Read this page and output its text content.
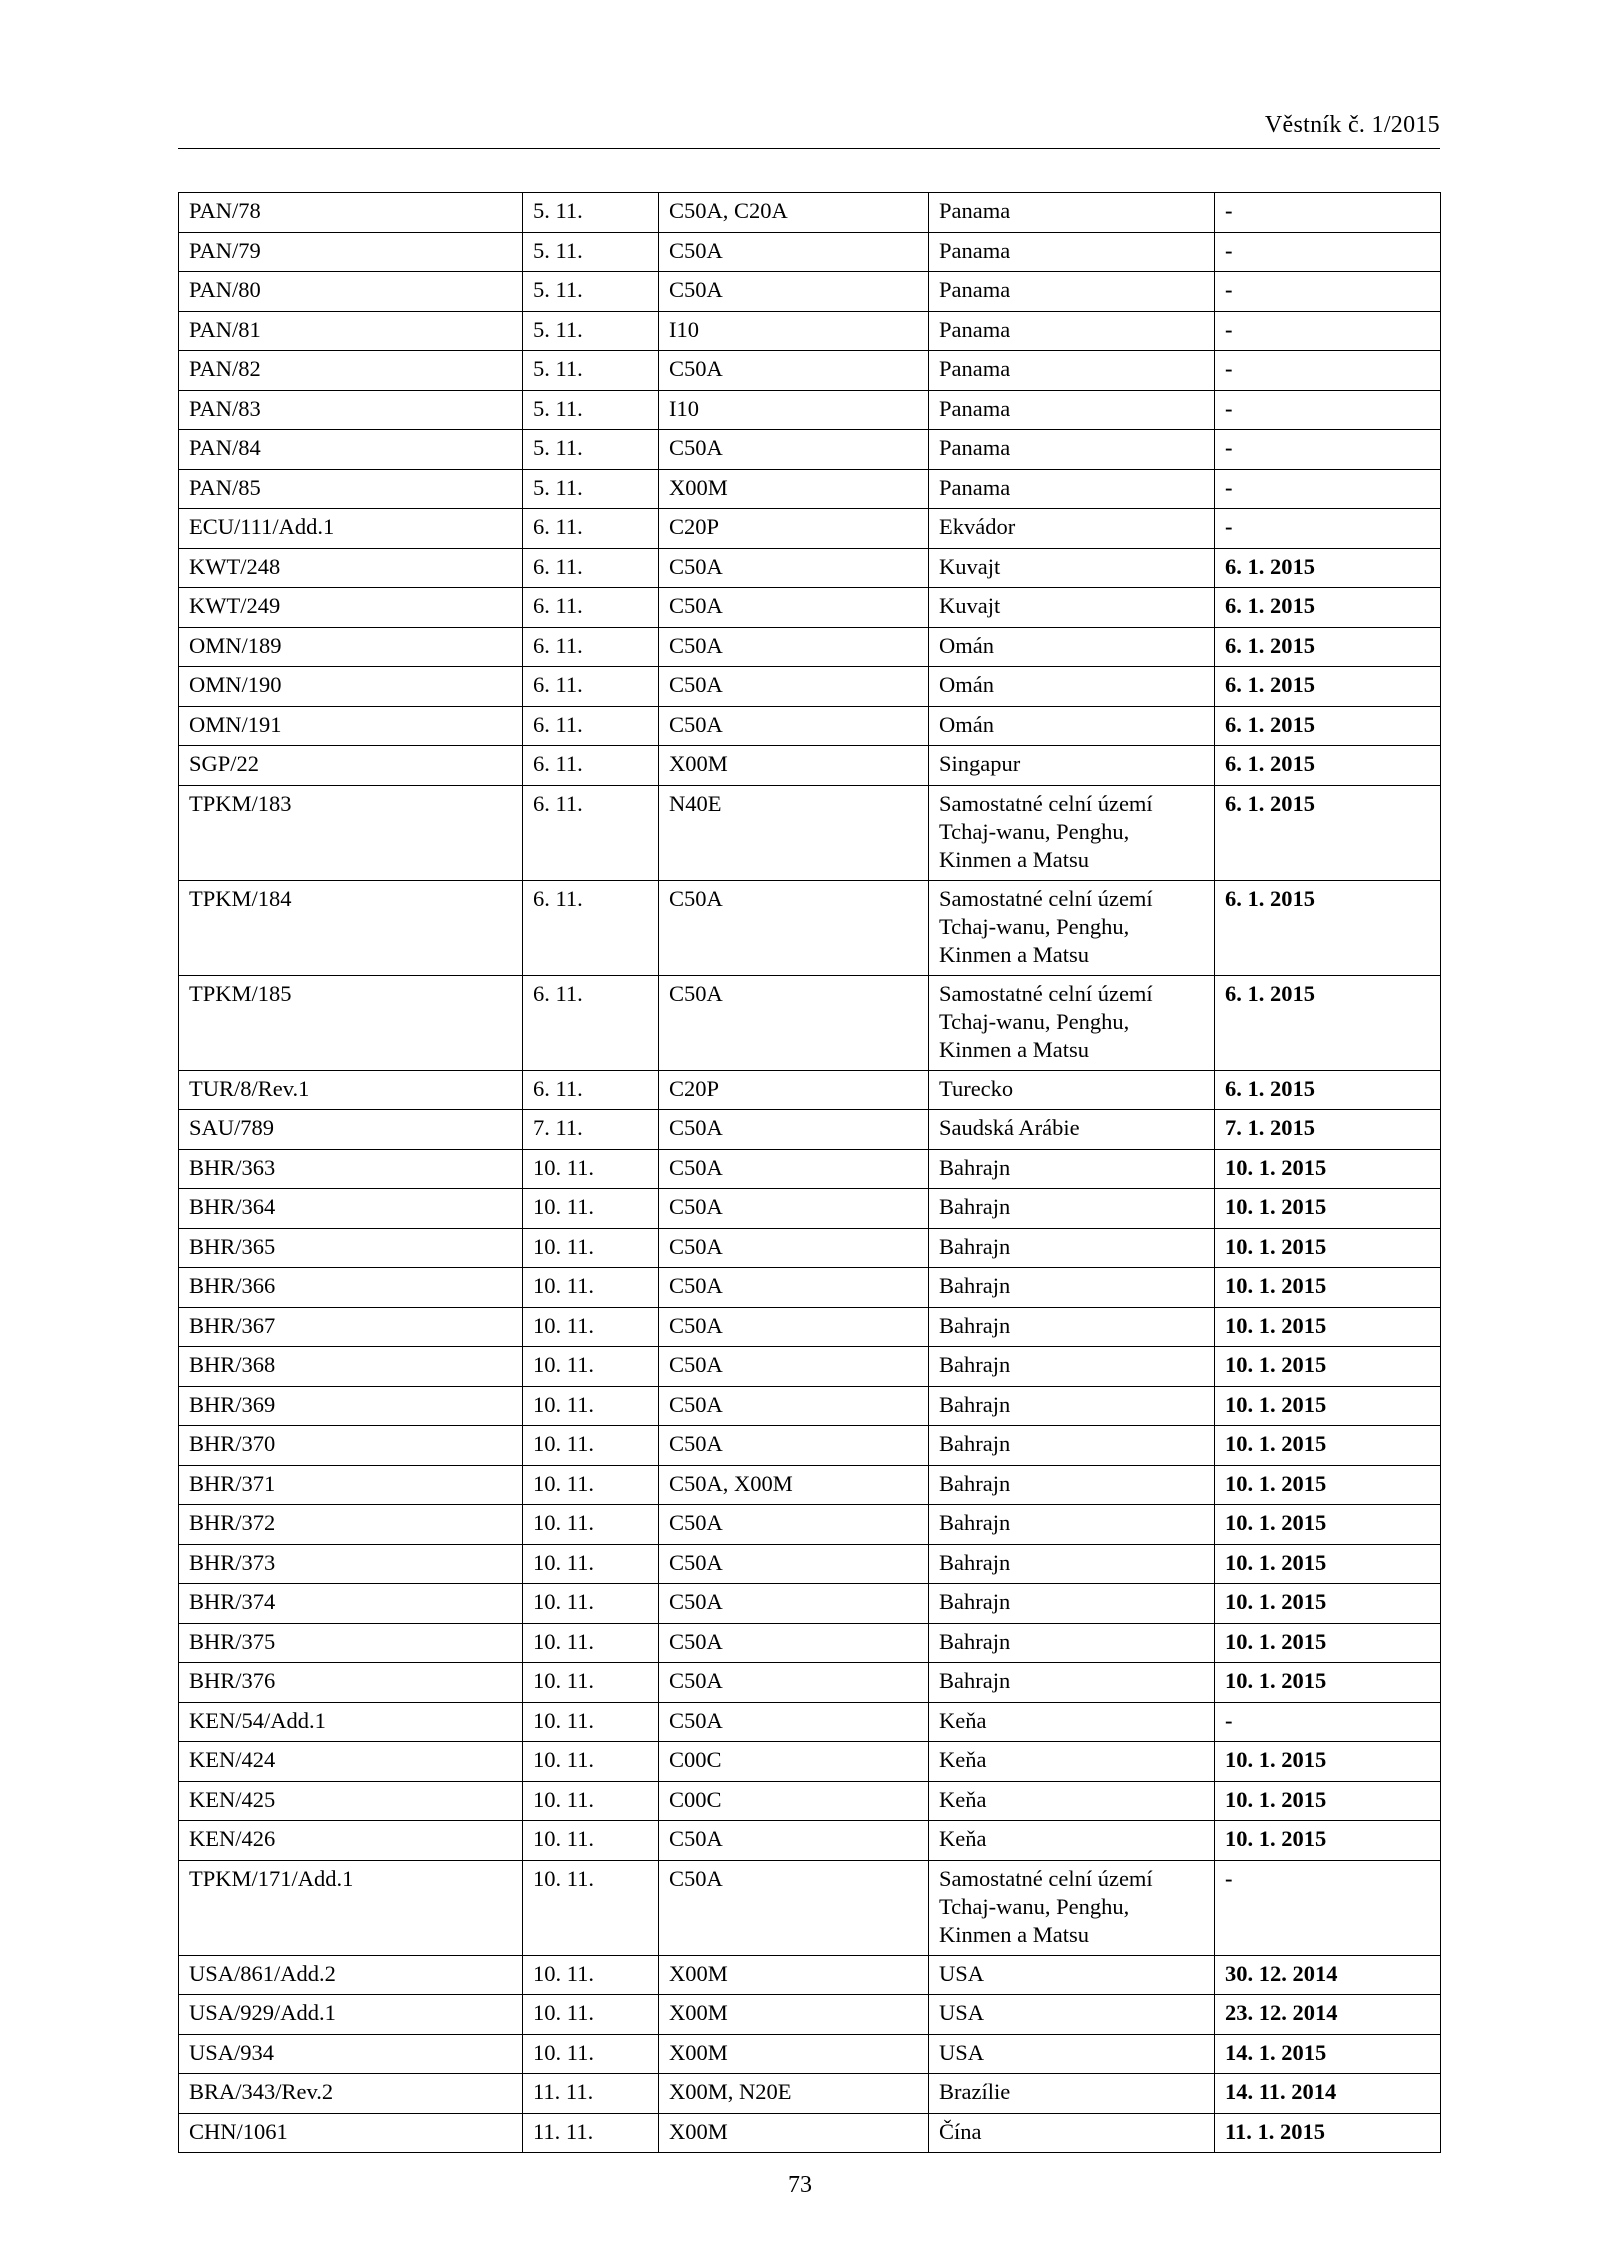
Věstník č. 1/2015
PAN/78	5. 11.	C50A, C20A	Panama	-
PAN/79	5. 11.	C50A	Panama	-
PAN/80	5. 11.	C50A	Panama	-
PAN/81	5. 11.	I10	Panama	-
PAN/82	5. 11.	C50A	Panama	-
PAN/83	5. 11.	I10	Panama	-
PAN/84	5. 11.	C50A	Panama	-
PAN/85	5. 11.	X00M	Panama	-
ECU/111/Add.1	6. 11.	C20P	Ekvádor	-
KWT/248	6. 11.	C50A	Kuvajt	6. 1. 2015
KWT/249	6. 11.	C50A	Kuvajt	6. 1. 2015
OMN/189	6. 11.	C50A	Omán	6. 1. 2015
OMN/190	6. 11.	C50A	Omán	6. 1. 2015
OMN/191	6. 11.	C50A	Omán	6. 1. 2015
SGP/22	6. 11.	X00M	Singapur	6. 1. 2015
TPKM/183	6. 11.	N40E	Samostatné celní území Tchaj-wanu, Penghu, Kinmen a Matsu	6. 1. 2015
TPKM/184	6. 11.	C50A	Samostatné celní území Tchaj-wanu, Penghu, Kinmen a Matsu	6. 1. 2015
TPKM/185	6. 11.	C50A	Samostatné celní území Tchaj-wanu, Penghu, Kinmen a Matsu	6. 1. 2015
TUR/8/Rev.1	6. 11.	C20P	Turecko	6. 1. 2015
SAU/789	7. 11.	C50A	Saudská Arábie	7. 1. 2015
BHR/363	10. 11.	C50A	Bahrajn	10. 1. 2015
BHR/364	10. 11.	C50A	Bahrajn	10. 1. 2015
BHR/365	10. 11.	C50A	Bahrajn	10. 1. 2015
BHR/366	10. 11.	C50A	Bahrajn	10. 1. 2015
BHR/367	10. 11.	C50A	Bahrajn	10. 1. 2015
BHR/368	10. 11.	C50A	Bahrajn	10. 1. 2015
BHR/369	10. 11.	C50A	Bahrajn	10. 1. 2015
BHR/370	10. 11.	C50A	Bahrajn	10. 1. 2015
BHR/371	10. 11.	C50A, X00M	Bahrajn	10. 1. 2015
BHR/372	10. 11.	C50A	Bahrajn	10. 1. 2015
BHR/373	10. 11.	C50A	Bahrajn	10. 1. 2015
BHR/374	10. 11.	C50A	Bahrajn	10. 1. 2015
BHR/375	10. 11.	C50A	Bahrajn	10. 1. 2015
BHR/376	10. 11.	C50A	Bahrajn	10. 1. 2015
KEN/54/Add.1	10. 11.	C50A	Keňa	-
KEN/424	10. 11.	C00C	Keňa	10. 1. 2015
KEN/425	10. 11.	C00C	Keňa	10. 1. 2015
KEN/426	10. 11.	C50A	Keňa	10. 1. 2015
TPKM/171/Add.1	10. 11.	C50A	Samostatné celní území Tchaj-wanu, Penghu, Kinmen a Matsu	-
USA/861/Add.2	10. 11.	X00M	USA	30. 12. 2014
USA/929/Add.1	10. 11.	X00M	USA	23. 12. 2014
USA/934	10. 11.	X00M	USA	14. 1. 2015
BRA/343/Rev.2	11. 11.	X00M, N20E	Brazílie	14. 11. 2014
CHN/1061	11. 11.	X00M	Čína	11. 1. 2015
73
